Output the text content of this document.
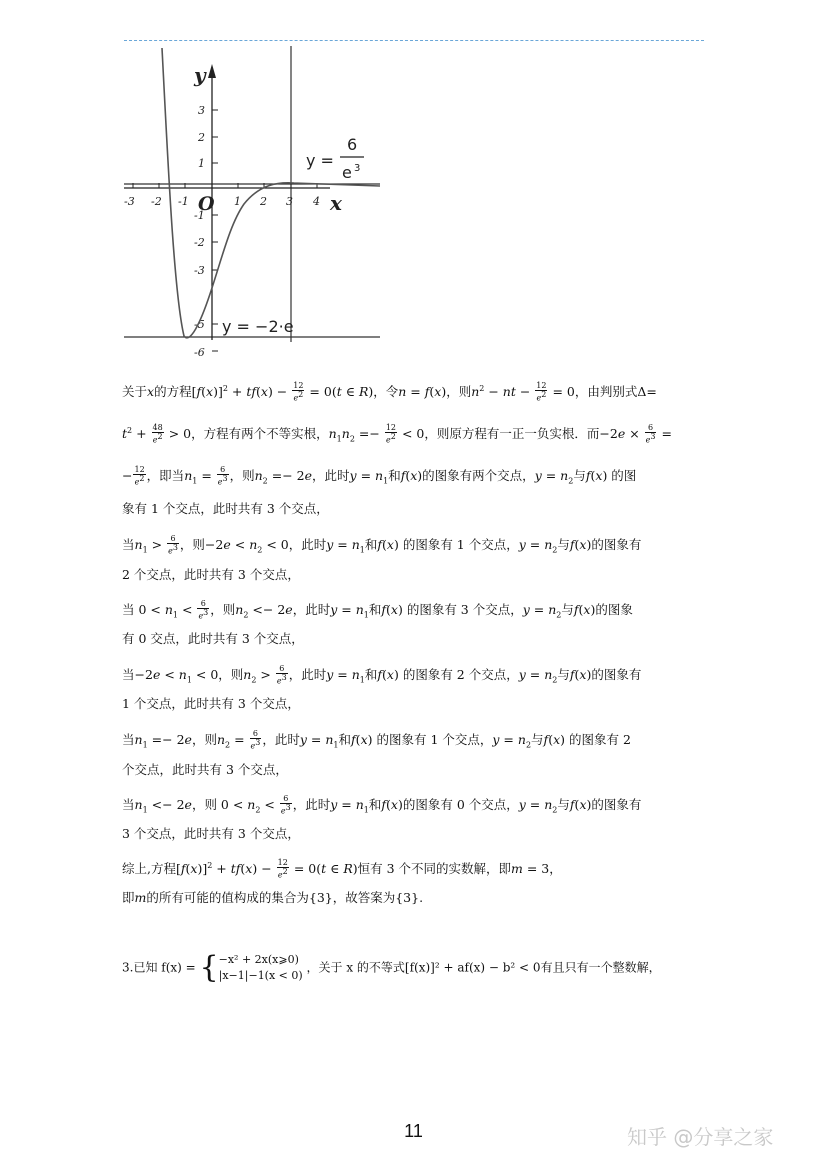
3
2
1
-1
-2
-3
-5
-6
-3 -2 -1	1 2 3 4
y
x
O
y =
6
e 3
y = −2·e
关于x的方程$[f(x)]^2 + tf(x) - \frac{12}{e2} = 0(t$ ∈ R)，令n = f(x)，则$n^2$ − nt − $\frac{12}{e2} = 0$，由判别式Δ=
$t^2 + \frac{48}{e2} > 0$，方程有两个不等实根，$n_1n_2 =- \frac{12}{e2} < 0$，则原方程有一正一负实根．而$-2e \times \frac{6}{e3}$ =
− $\frac{12}{e2}$ ，即当$n_1 = \frac{6}{e3}$ ，则$n_2 =- 2e$，此时$y = n_1$和f(x)的图象有两个交点，$y = n_2$与f(x) 的图
象有 1 个交点，此时共有 3 个交点，
当$n_1 > \frac{6}{e3}$ ，则$-2e < n_2 < 0$，此时$y = n_1$和f(x) 的图象有 1 个交点，$y = n_2$与f(x)的图象有
2 个交点，此时共有 3 个交点，
当 $0 < n_1 < \frac{6}{e3}$ ，则$n_2 <- 2e$，此时$y = n_1$和f(x) 的图象有 3 个交点，$y = n_2$与f(x)的图象
有 0 交点，此时共有 3 个交点，
当$-2e < n_1 < 0$，则$n_2 > \frac{6}{e3}$ ，此时$y = n_1$和f(x) 的图象有 2 个交点，$y = n_2$与f(x)的图象有
1 个交点，此时共有 3 个交点，
当$n_1 =- 2e$，则$n_2 = \frac{6}{e3}$ ，此时$y = n_1$和f(x) 的图象有 1 个交点，$y = n_2$与f(x) 的图象有 2
个交点，此时共有 3 个交点，
当$n_1 <- 2e$，则 $0 < n_2 < \frac{6}{e3}$ ，此时$y = n_1$和f(x)的图象有 0 个交点，$y = n_2$与f(x)的图象有
3 个交点，此时共有 3 个交点，
综上,方程$[f(x)]^2 + tf(x) - \frac{12}{e2} = 0(t$ ∈ R)恒有 3 个不同的实数解，即m = 3，
即m的所有可能的值构成的集合为{3}，故答案为{3}.
3.已知 f(x) = {−x² + 2x(x⩾0)
|x−1|−1(x < 0) ，关于 x 的不等式[f(x)]² + af(x) − b² < 0有且只有一个整数解，
11	知乎 @分享之家
